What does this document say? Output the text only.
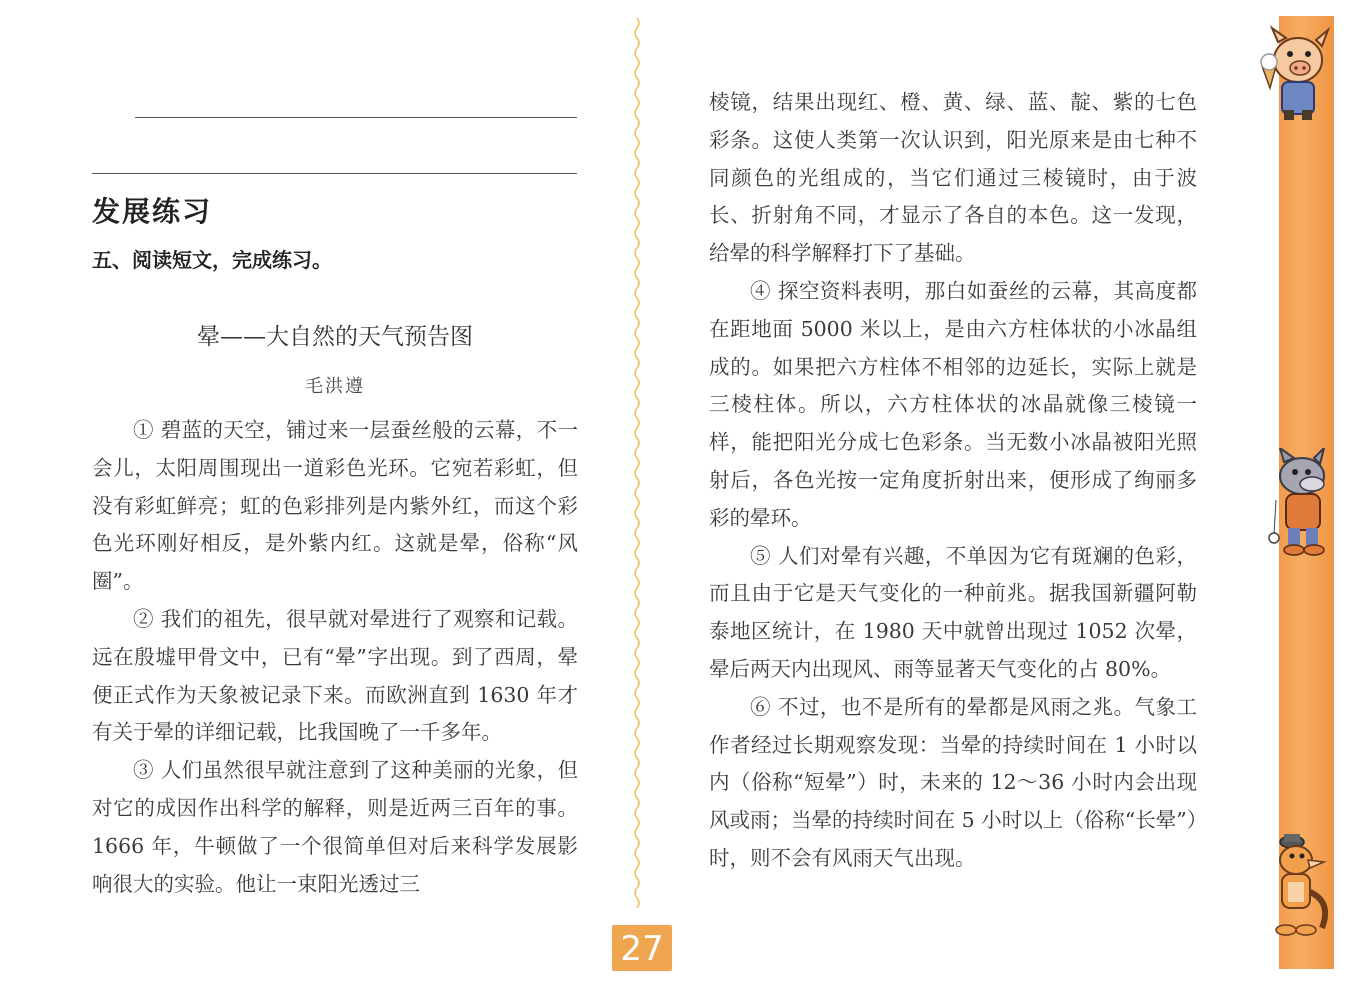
发展练习
五、阅读短文，完成练习。
晕——大自然的天气预告图
毛洪遵

① 碧蓝的天空，铺过来一层蚕丝般的云幕，不一会儿，太阳周围现出一道彩色光环。它宛若彩虹，但没有彩虹鲜亮；虹的色彩排列是内紫外红，而这个彩色光环刚好相反，是外紫内红。这就是晕，俗称“风圈”。

② 我们的祖先，很早就对晕进行了观察和记载。远在殷墟甲骨文中，已有“晕”字出现。到了西周，晕便正式作为天象被记录下来。而欧洲直到 1630 年才有关于晕的详细记载，比我国晚了一千多年。

③ 人们虽然很早就注意到了这种美丽的光象，但对它的成因作出科学的解释，则是近两三百年的事。1666 年，牛顿做了一个很简单但对后来科学发展影响很大的实验。他让一束阳光透过三

棱镜，结果出现红、橙、黄、绿、蓝、靛、紫的七色彩条。这使人类第一次认识到，阳光原来是由七种不同颜色的光组成的，当它们通过三棱镜时，由于波长、折射角不同，才显示了各自的本色。这一发现，给晕的科学解释打下了基础。

④ 探空资料表明，那白如蚕丝的云幕，其高度都在距地面 5000 米以上，是由六方柱体状的小冰晶组成的。如果把六方柱体不相邻的边延长，实际上就是三棱柱体。所以，六方柱体状的冰晶就像三棱镜一样，能把阳光分成七色彩条。当无数小冰晶被阳光照射后，各色光按一定角度折射出来，便形成了绚丽多彩的晕环。

⑤ 人们对晕有兴趣，不单因为它有斑斓的色彩，而且由于它是天气变化的一种前兆。据我国新疆阿勒泰地区统计，在 1980 天中就曾出现过 1052 次晕，晕后两天内出现风、雨等显著天气变化的占 80%。

⑥ 不过，也不是所有的晕都是风雨之兆。气象工作者经过长期观察发现：当晕的持续时间在 1 小时以内（俗称“短晕”）时，未来的 12～36 小时内会出现风或雨；当晕的持续时间在 5 小时以上（俗称“长晕”）时，则不会有风雨天气出现。

27
